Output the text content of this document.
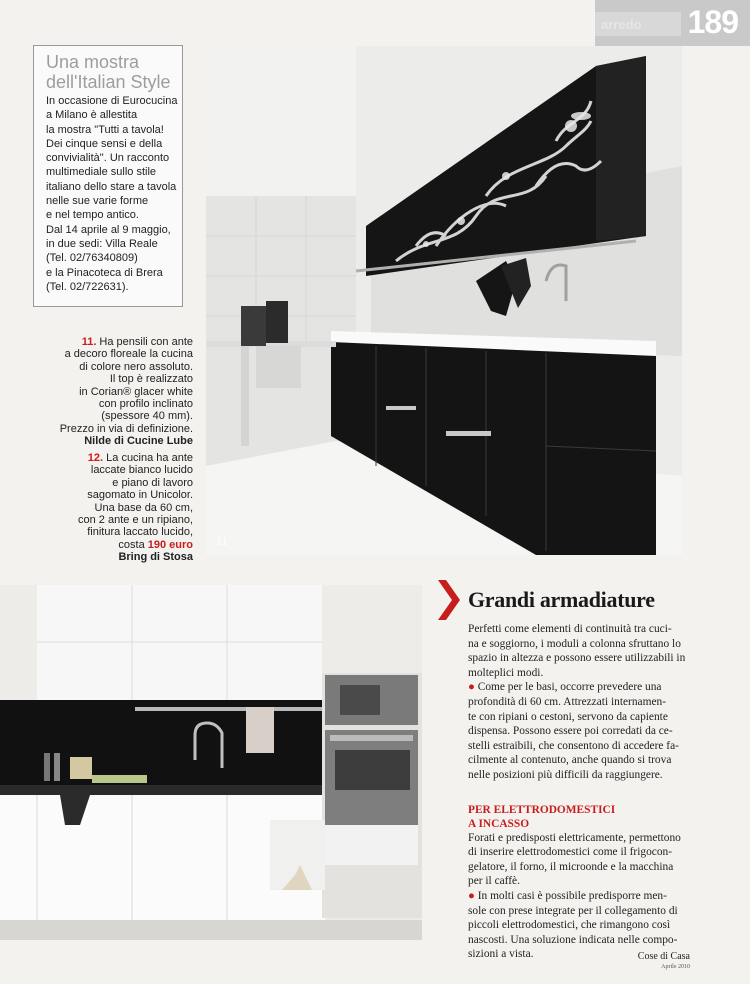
arredo	189
Una mostra
dell'Italian Style
In occasione di Eurocucina
a Milano è allestita
la mostra "Tutti a tavola!
Dei cinque sensi e della
convivialità". Un racconto
multimediale sullo stile
italiano dello stare a tavola
nelle sue varie forme
e nel tempo antico.
Dal 14 aprile al 9 maggio,
in due sedi: Villa Reale
(Tel. 02/76340809)
e la Pinacoteca di Brera
(Tel. 02/722631).
11. Ha pensili con ante
a decoro floreale la cucina
di colore nero assoluto.
Il top è realizzato
in Corian® glacer white
con profilo inclinato
(spessore 40 mm).
Prezzo in via di definizione.
Nilde di Cucine Lube
12. La cucina ha ante
laccate bianco lucido
e piano di lavoro
sagomato in Unicolor.
Una base da 60 cm,
con 2 ante e un ripiano,
finitura laccato lucido,
costa 190 euro
Bring di Stosa
11
Grandi armadiature
Perfetti come elementi di continuità tra cuci-
na e soggiorno, i moduli a colonna sfruttano lo
spazio in altezza e possono essere utilizzabili in
molteplici modi.
● Come per le basi, occorre prevedere una
profondità di 60 cm. Attrezzati internamen-
te con ripiani o cestoni, servono da capiente
dispensa. Possono essere poi corredati da ce-
stelli estraibili, che consentono di accedere fa-
cilmente al contenuto, anche quando si trova
nelle posizioni più difficili da raggiungere.
PER ELETTRODOMESTICI
A INCASSO
Forati e predisposti elettricamente, permettono
di inserire elettrodomestici come il frigocon-
gelatore, il forno, il microonde e la macchina
per il caffè.
● In molti casi è possibile predisporre men-
sole con prese integrate per il collegamento di
piccoli elettrodomestici, che rimangono così
nascosti. Una soluzione indicata nelle compo-
sizioni a vista.	Cose di Casa
Aprile 2010
